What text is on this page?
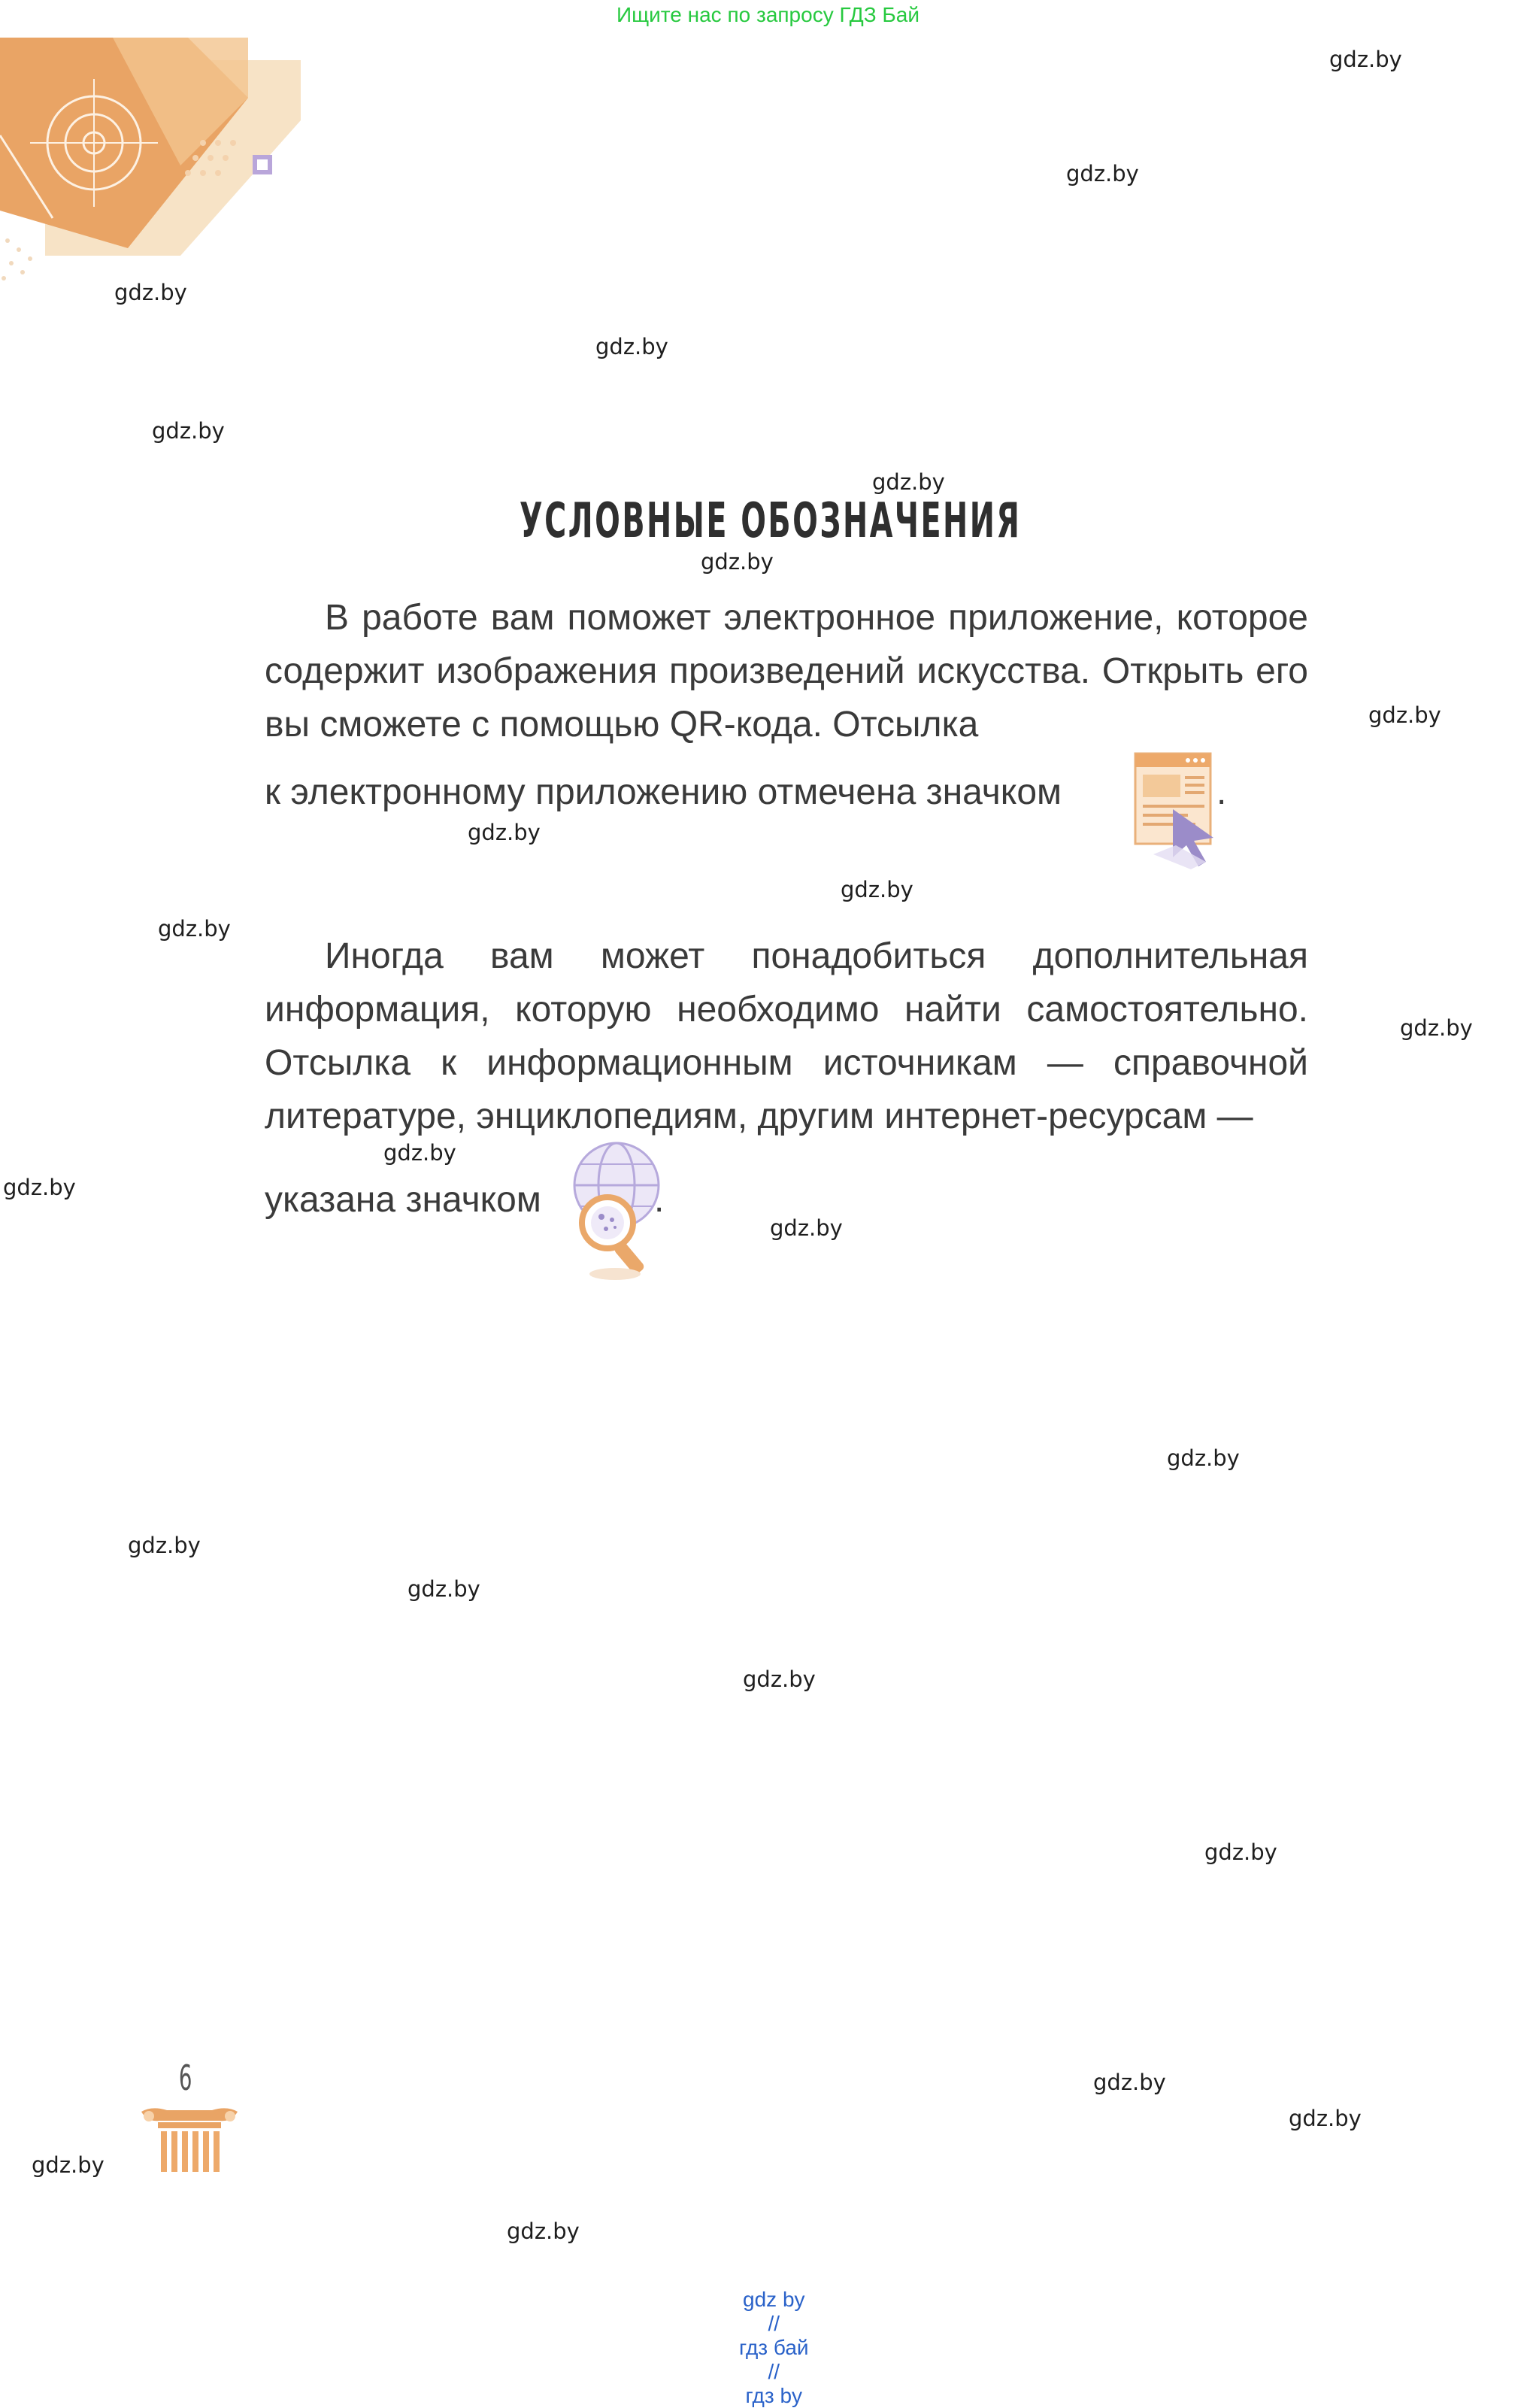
Ищите нас по запросу ГДЗ Бай
УСЛОВНЫЕ ОБОЗНАЧЕНИЯ

В работе вам поможет электронное приложение, которое содержит изображения произведений искусства. Открыть его вы сможете с помощью QR-кода. Отсылка

к электронному приложению отмечена значком	.

Иногда вам может понадобиться дополнительная информация, которую необходимо найти самостоятельно. Отсылка к информационным источникам — справочной литературе, энциклопедиям, другим интернет-ресурсам —

указана значком	.
6
gdz.by
gdz.by
gdz.by
gdz.by
gdz.by
gdz.by
gdz.by
gdz.by
gdz.by
gdz.by
gdz.by
gdz.by
gdz.by
gdz.by
gdz.by
gdz.by
gdz.by
gdz.by
gdz.by
gdz.by
gdz.by
gdz.by
gdz.by
gdz.by

gdz by
//
гдз бай
//
гдз by
